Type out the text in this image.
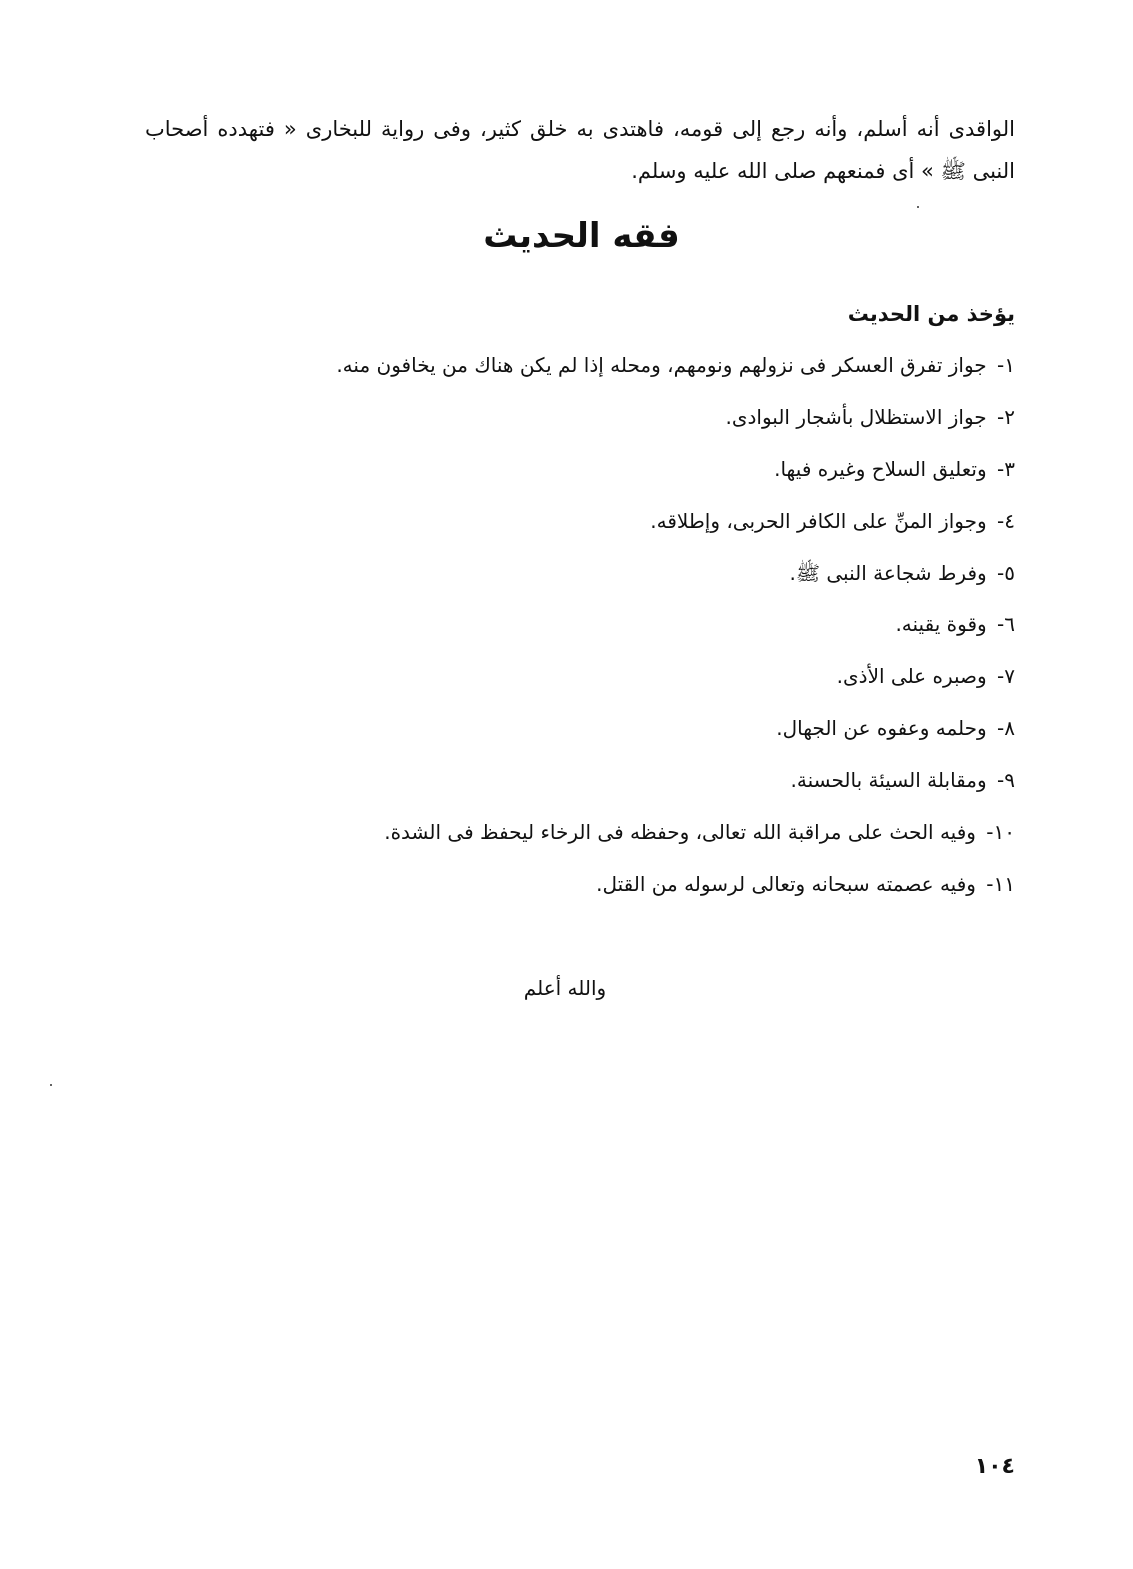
الواقدى أنه أسلم، وأنه رجع إلى قومه، فاهتدى به خلق كثير، وفى رواية للبخارى « فتهدده أصحاب النبى ﷺ » أى فمنعهم صلى الله عليه وسلم.

فقه الحديث
يؤخذ من الحديث
١- جواز تفرق العسكر فى نزولهم ونومهم، ومحله إذا لم يكن هناك من يخافون منه.
٢- جواز الاستظلال بأشجار البوادى.
٣- وتعليق السلاح وغيره فيها.
٤- وجواز المنِّ على الكافر الحربى، وإطلاقه.
٥- وفرط شجاعة النبى ﷺ.
٦- وقوة يقينه.
٧- وصبره على الأذى.
٨- وحلمه وعفوه عن الجهال.
٩- ومقابلة السيئة بالحسنة.
١٠- وفيه الحث على مراقبة الله تعالى، وحفظه فى الرخاء ليحفظ فى الشدة.
١١- وفيه عصمته سبحانه وتعالى لرسوله من القتل.

والله أعلم

١٠٤
